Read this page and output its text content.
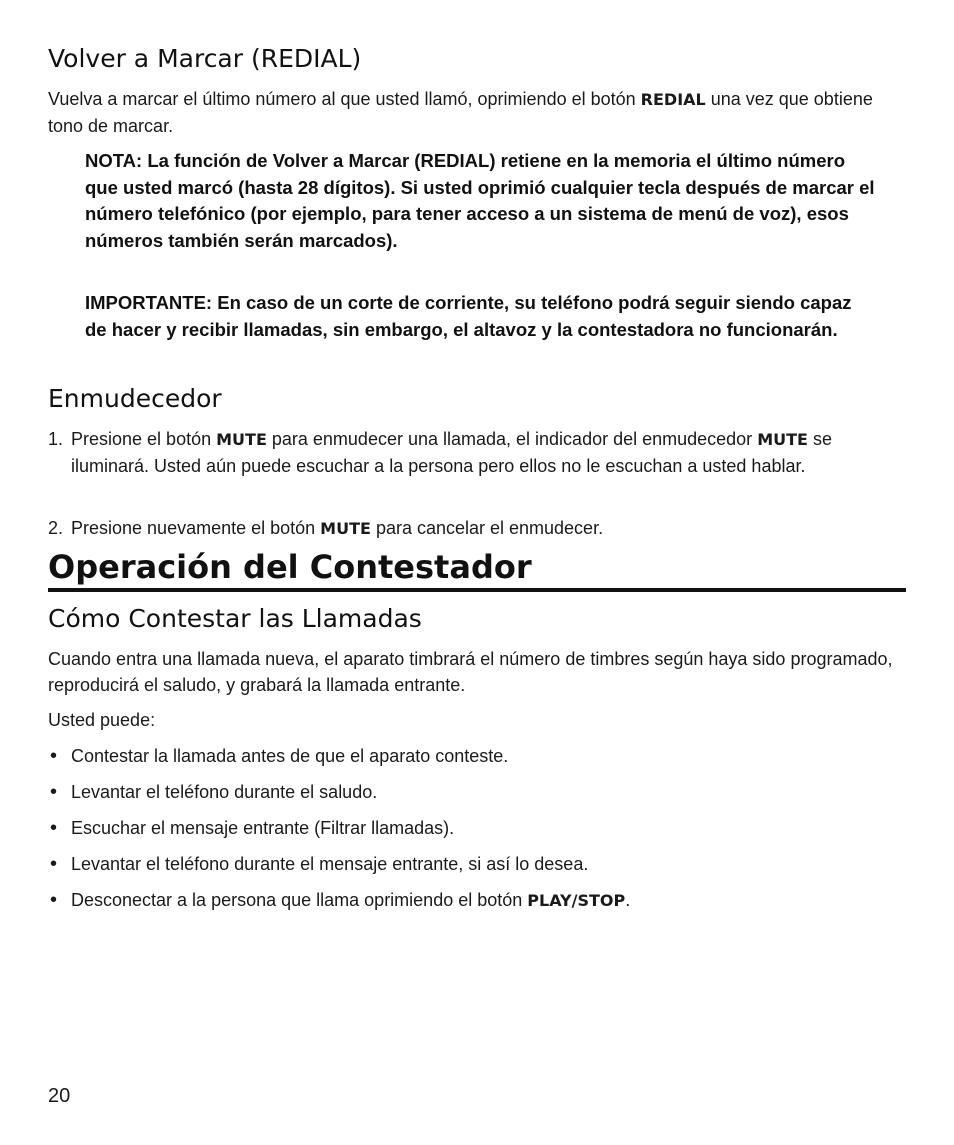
Volver a Marcar (REDIAL)

Vuelva a marcar el último número al que usted llamó, oprimiendo el botón REDIAL una vez que obtiene tono de marcar.

NOTA: La función de Volver a Marcar (REDIAL) retiene en la memoria el último número que usted marcó (hasta 28 dígitos). Si usted oprimió cualquier tecla después de marcar el número telefónico (por ejemplo, para tener acceso a un sistema de menú de voz), esos números también serán marcados).

IMPORTANTE: En caso de un corte de corriente, su teléfono podrá seguir siendo capaz de hacer y recibir llamadas, sin embargo, el altavoz y la contestadora no funcionarán.

Enmudecedor
1. Presione el botón MUTE para enmudecer una llamada, el indicador del enmudecedor MUTE se iluminará. Usted aún puede escuchar a la persona pero ellos no le escuchan a usted hablar.
2. Presione nuevamente el botón MUTE para cancelar el enmudecer.
Operación del Contestador
Cómo Contestar las Llamadas

Cuando entra una llamada nueva, el aparato timbrará el número de timbres según haya sido programado, reproducirá el saludo, y grabará la llamada entrante.

Usted puede:

• Contestar la llamada antes de que el aparato conteste.
• Levantar el teléfono durante el saludo.
• Escuchar el mensaje entrante (Filtrar llamadas).
• Levantar el teléfono durante el mensaje entrante, si así lo desea.
• Desconectar a la persona que llama oprimiendo el botón PLAY/STOP.
20
